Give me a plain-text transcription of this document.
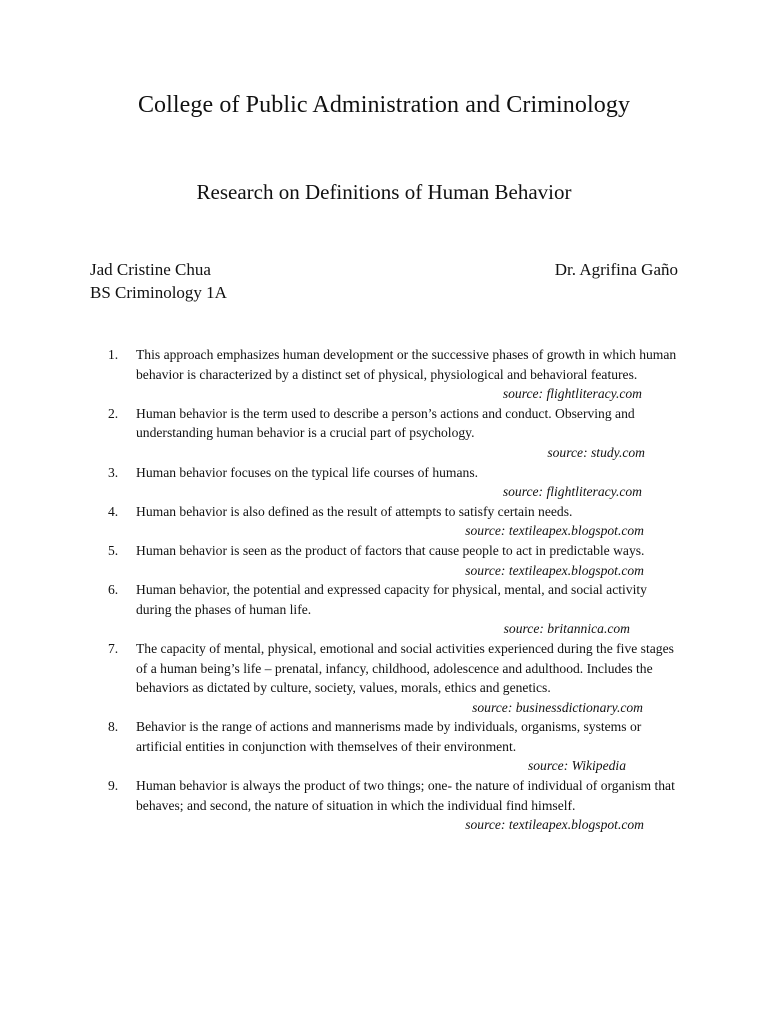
College of Public Administration and Criminology
Research on Definitions of Human Behavior
Jad Cristine Chua
BS Criminology 1A
Dr. Agrifina Gaño
1. This approach emphasizes human development or the successive phases of growth in which human behavior is characterized by a distinct set of physical, physiological and behavioral features.
source: flightliteracy.com
2. Human behavior is the term used to describe a person’s actions and conduct. Observing and understanding human behavior is a crucial part of psychology.
source: study.com
3. Human behavior focuses on the typical life courses of humans.
source: flightliteracy.com
4. Human behavior is also defined as the result of attempts to satisfy certain needs.
source: textileapex.blogspot.com
5. Human behavior is seen as the product of factors that cause people to act in predictable ways.
source: textileapex.blogspot.com
6. Human behavior, the potential and expressed capacity for physical, mental, and social activity during the phases of human life.
source: britannica.com
7. The capacity of mental, physical, emotional and social activities experienced during the five stages of a human being’s life – prenatal, infancy, childhood, adolescence and adulthood. Includes the behaviors as dictated by culture, society, values, morals, ethics and genetics.
source: businessdictionary.com
8. Behavior is the range of actions and mannerisms made by individuals, organisms, systems or artificial entities in conjunction with themselves of their environment.
source: Wikipedia
9. Human behavior is always the product of two things; one- the nature of individual of organism that behaves; and second, the nature of situation in which the individual find himself.
source: textileapex.blogspot.com
